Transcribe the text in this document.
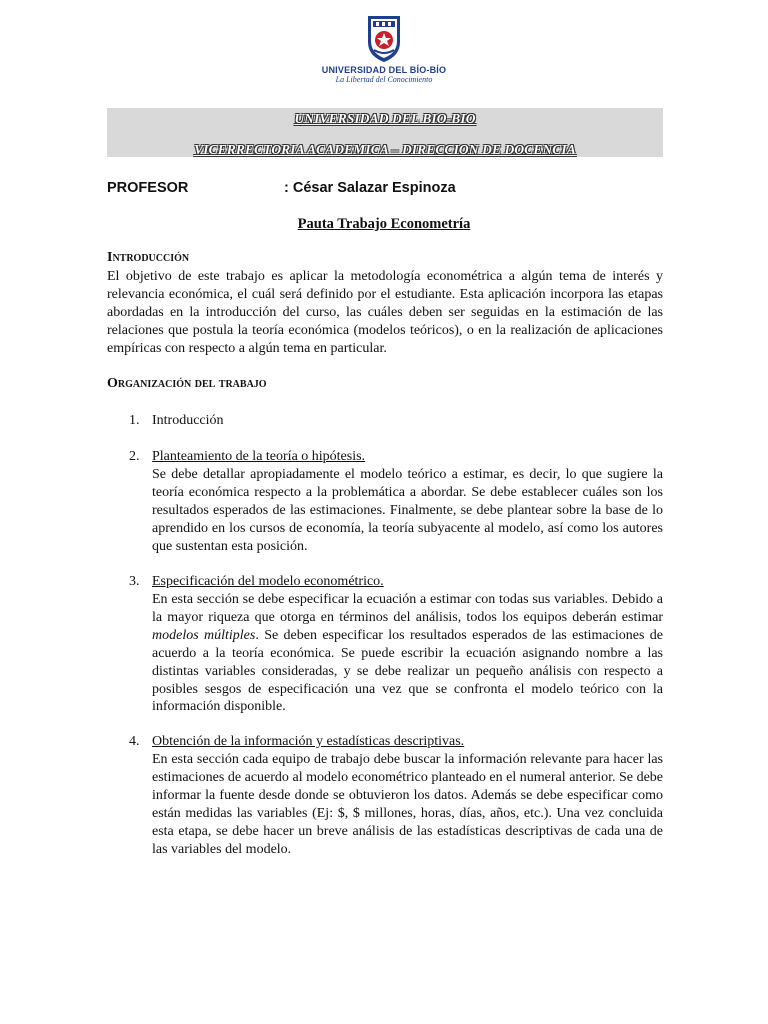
UNIVERSIDAD DEL BÍO-BÍO
La Libertad del Conocimiento
UNIVERSIDAD DEL BIO-BIO
VICERRECTORIA ACADEMICA – DIRECCION DE DOCENCIA
PROFESOR	: César Salazar Espinoza
Pauta Trabajo Econometría
Introducción
El objetivo de este trabajo es aplicar la metodología econométrica a algún tema de interés y relevancia económica, el cuál será definido por el estudiante. Esta aplicación incorpora las etapas abordadas en la introducción del curso, las cuáles deben ser seguidas en la estimación de las relaciones que postula la teoría económica (modelos teóricos), o en la realización de aplicaciones empíricas con respecto a algún tema en particular.
Organización del trabajo
1. Introducción
2. Planteamiento de la teoría o hipótesis.
Se debe detallar apropiadamente el modelo teórico a estimar, es decir, lo que sugiere la teoría económica respecto a la problemática a abordar. Se debe establecer cuáles son los resultados esperados de las estimaciones. Finalmente, se debe plantear sobre la base de lo aprendido en los cursos de economía, la teoría subyacente al modelo, así como los autores que sustentan esta posición.
3. Especificación del modelo econométrico.
En esta sección se debe especificar la ecuación a estimar con todas sus variables. Debido a la mayor riqueza que otorga en términos del análisis, todos los equipos deberán estimar modelos múltiples. Se deben especificar los resultados esperados de las estimaciones de acuerdo a la teoría económica. Se puede escribir la ecuación asignando nombre a las distintas variables consideradas, y se debe realizar un pequeño análisis con respecto a posibles sesgos de especificación una vez que se confronta el modelo teórico con la información disponible.
4. Obtención de la información y estadísticas descriptivas.
En esta sección cada equipo de trabajo debe buscar la información relevante para hacer las estimaciones de acuerdo al modelo econométrico planteado en el numeral anterior. Se debe informar la fuente desde donde se obtuvieron los datos. Además se debe especificar como están medidas las variables (Ej: $, $ millones, horas, días, años, etc.). Una vez concluida esta etapa, se debe hacer un breve análisis de las estadísticas descriptivas de cada una de las variables del modelo.
